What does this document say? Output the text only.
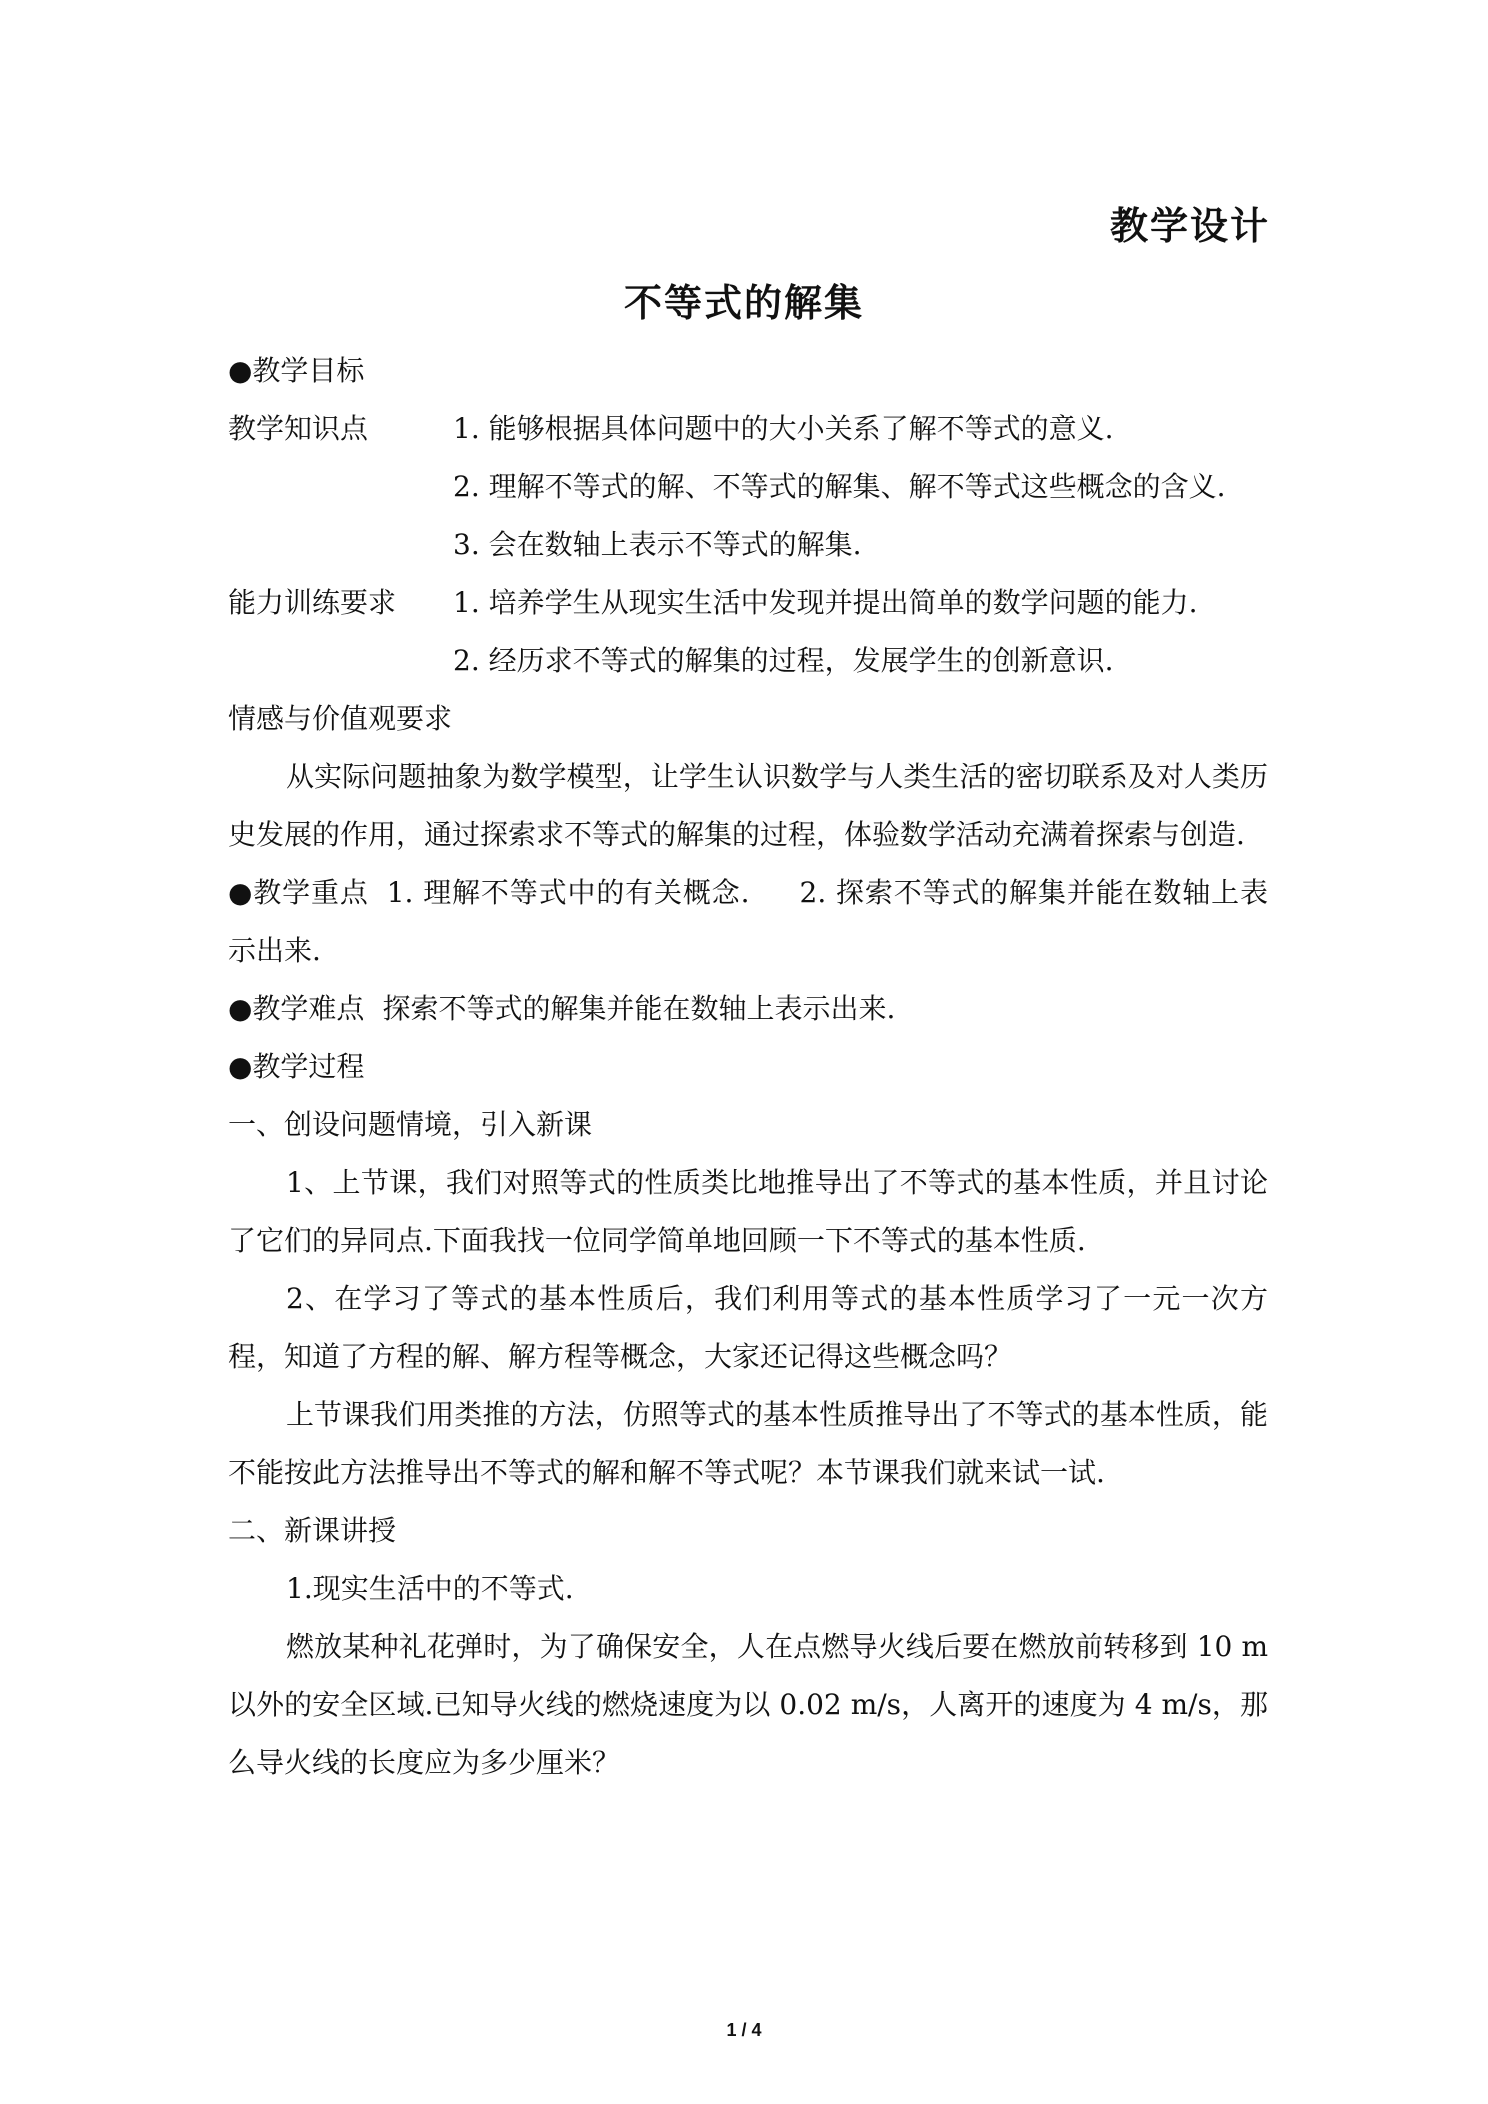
教学设计
不等式的解集
●教学目标
教学知识点	1. 能够根据具体问题中的大小关系了解不等式的意义.
2. 理解不等式的解、不等式的解集、解不等式这些概念的含义.
3. 会在数轴上表示不等式的解集.
能力训练要求	1. 培养学生从现实生活中发现并提出简单的数学问题的能力.
2. 经历求不等式的解集的过程，发展学生的创新意识.
情感与价值观要求

从实际问题抽象为数学模型，让学生认识数学与人类生活的密切联系及对人类历史发展的作用，通过探索求不等式的解集的过程，体验数学活动充满着探索与创造.

●教学重点 1. 理解不等式中的有关概念. 2. 探索不等式的解集并能在数轴上表示出来.

●教学难点 探索不等式的解集并能在数轴上表示出来.
●教学过程
一、创设问题情境，引入新课

1、上节课，我们对照等式的性质类比地推导出了不等式的基本性质，并且讨论了它们的异同点.下面我找一位同学简单地回顾一下不等式的基本性质.

2、在学习了等式的基本性质后，我们利用等式的基本性质学习了一元一次方程，知道了方程的解、解方程等概念，大家还记得这些概念吗？

上节课我们用类推的方法，仿照等式的基本性质推导出了不等式的基本性质，能不能按此方法推导出不等式的解和解不等式呢？本节课我们就来试一试.

二、新课讲授
1.现实生活中的不等式.

燃放某种礼花弹时，为了确保安全，人在点燃导火线后要在燃放前转移到 10 m 以外的安全区域.已知导火线的燃烧速度为以 0.02 m/s，人离开的速度为 4 m/s，那么导火线的长度应为多少厘米？

1 / 4
